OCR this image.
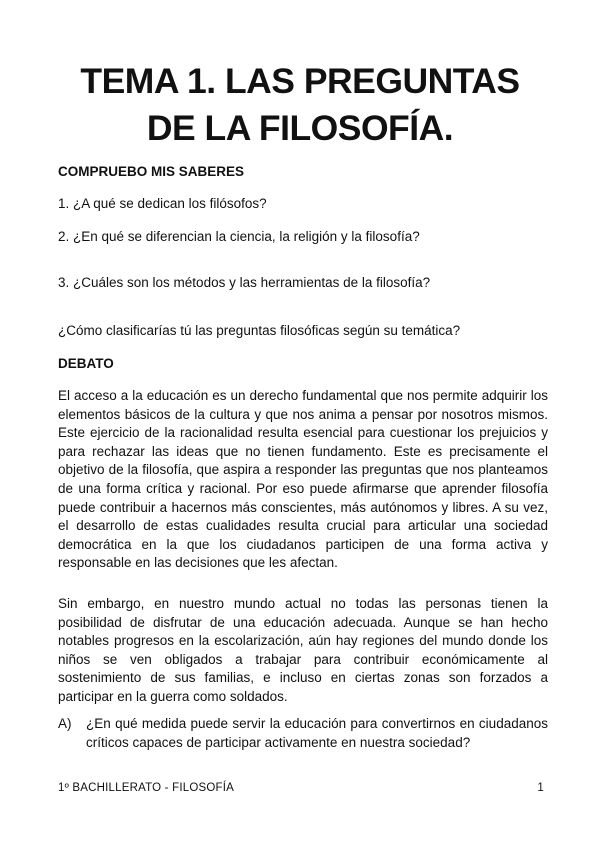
TEMA 1. LAS PREGUNTAS
DE LA FILOSOFÍA.

COMPRUEBO MIS SABERES

1. ¿A qué se dedican los filósofos?

2. ¿En qué se diferencian la ciencia, la religión y la filosofía?

3. ¿Cuáles son los métodos y las herramientas de la filosofía?

¿Cómo clasificarías tú las preguntas filosóficas según su temática?

DEBATO

El acceso a la educación es un derecho fundamental que nos permite adquirir los elementos básicos de la cultura y que nos anima a pensar por nosotros mismos. Este ejercicio de la racionalidad resulta esencial para cuestionar los prejuicios y para rechazar las ideas que no tienen fundamento. Este es precisamente el objetivo de la filosofía, que aspira a responder las preguntas que nos planteamos de una forma crítica y racional. Por eso puede afirmarse que aprender filosofía puede contribuir a hacernos más conscientes, más autónomos y libres. A su vez, el desarrollo de estas cualidades resulta crucial para articular una sociedad democrática en la que los ciudadanos participen de una forma activa y responsable en las decisiones que les afectan.

Sin embargo, en nuestro mundo actual no todas las personas tienen la posibilidad de disfrutar de una educación adecuada. Aunque se han hecho notables progresos en la escolarización, aún hay regiones del mundo donde los niños se ven obligados a trabajar para contribuir económicamente al sostenimiento de sus familias, e incluso en ciertas zonas son forzados a participar en la guerra como soldados.

A) ¿En qué medida puede servir la educación para convertirnos en ciudadanos críticos capaces de participar activamente en nuestra sociedad?
1º BACHILLERATO - FILOSOFÍA	1
